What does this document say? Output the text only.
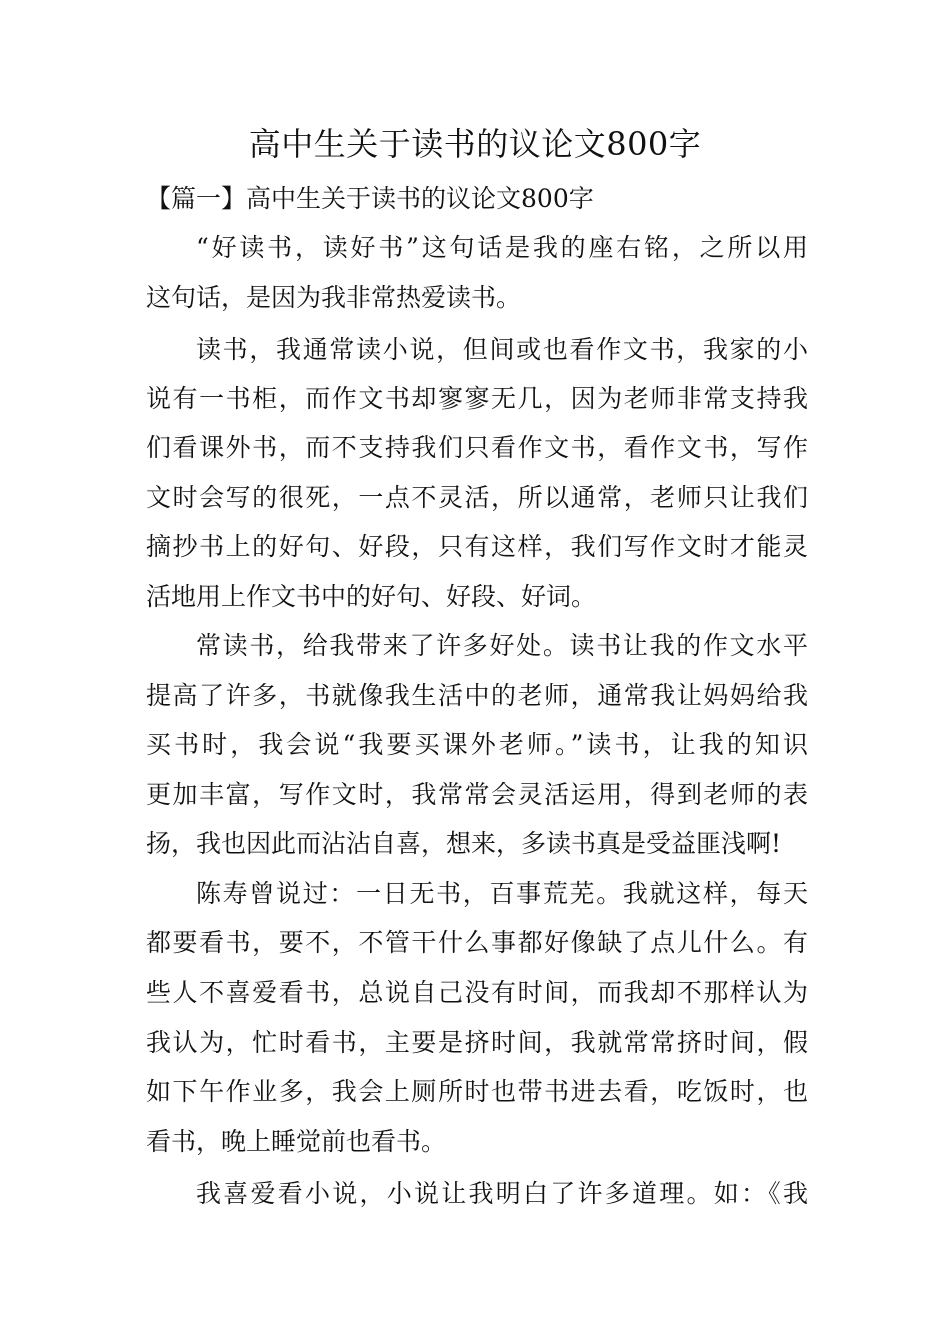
高中生关于读书的议论文800字
【篇一】高中生关于读书的议论文800字
“好读书，读好书”这句话是我的座右铭，之所以用
这句话，是因为我非常热爱读书。
读书，我通常读小说，但间或也看作文书，我家的小
说有一书柜，而作文书却寥寥无几，因为老师非常支持我
们看课外书，而不支持我们只看作文书，看作文书，写作
文时会写的很死，一点不灵活，所以通常，老师只让我们
摘抄书上的好句、好段，只有这样，我们写作文时才能灵
活地用上作文书中的好句、好段、好词。
常读书，给我带来了许多好处。读书让我的作文水平
提高了许多，书就像我生活中的老师，通常我让妈妈给我
买书时，我会说“我要买课外老师。”读书，让我的知识
更加丰富，写作文时，我常常会灵活运用，得到老师的表
扬，我也因此而沾沾自喜，想来，多读书真是受益匪浅啊!
陈寿曾说过：一日无书，百事荒芜。我就这样，每天
都要看书，要不，不管干什么事都好像缺了点儿什么。有
些人不喜爱看书，总说自己没有时间，而我却不那样认为
我认为，忙时看书，主要是挤时间，我就常常挤时间，假
如下午作业多，我会上厕所时也带书进去看，吃饭时，也
看书，晚上睡觉前也看书。
我喜爱看小说，小说让我明白了许多道理。如：《我
